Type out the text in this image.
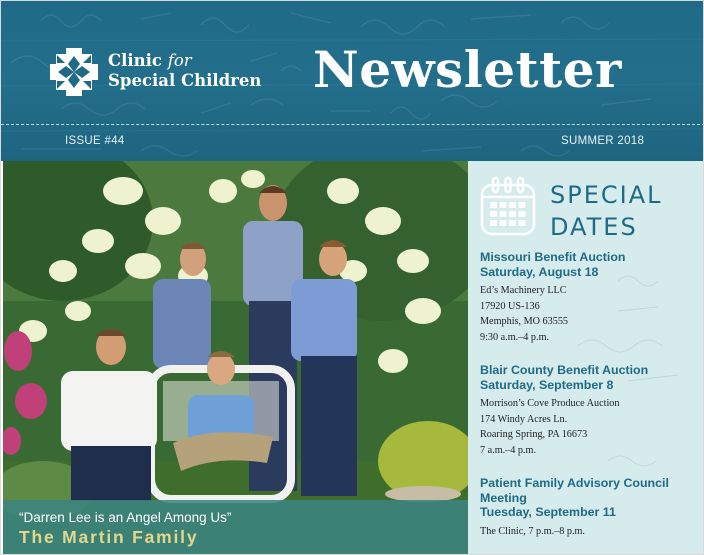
Clinic for
Special Children Newsletter
ISSUE #44	SUMMER 2018
“Darren Lee is an Angel Among Us”
The Martin Family
SPECIAL
DATES
Missouri Benefit Auction
Saturday, August 18
Ed’s Machinery LLC
17920 US-136
Memphis, MO 63555
9:30 a.m.–4 p.m.
Blair County Benefit Auction
Saturday, September 8
Morrison’s Cove Produce Auction
174 Windy Acres Ln.
Roaring Spring, PA 16673
7 a.m.–4 p.m.
Patient Family Advisory Council Meeting
Tuesday, September 11
The Clinic, 7 p.m.–8 p.m.
